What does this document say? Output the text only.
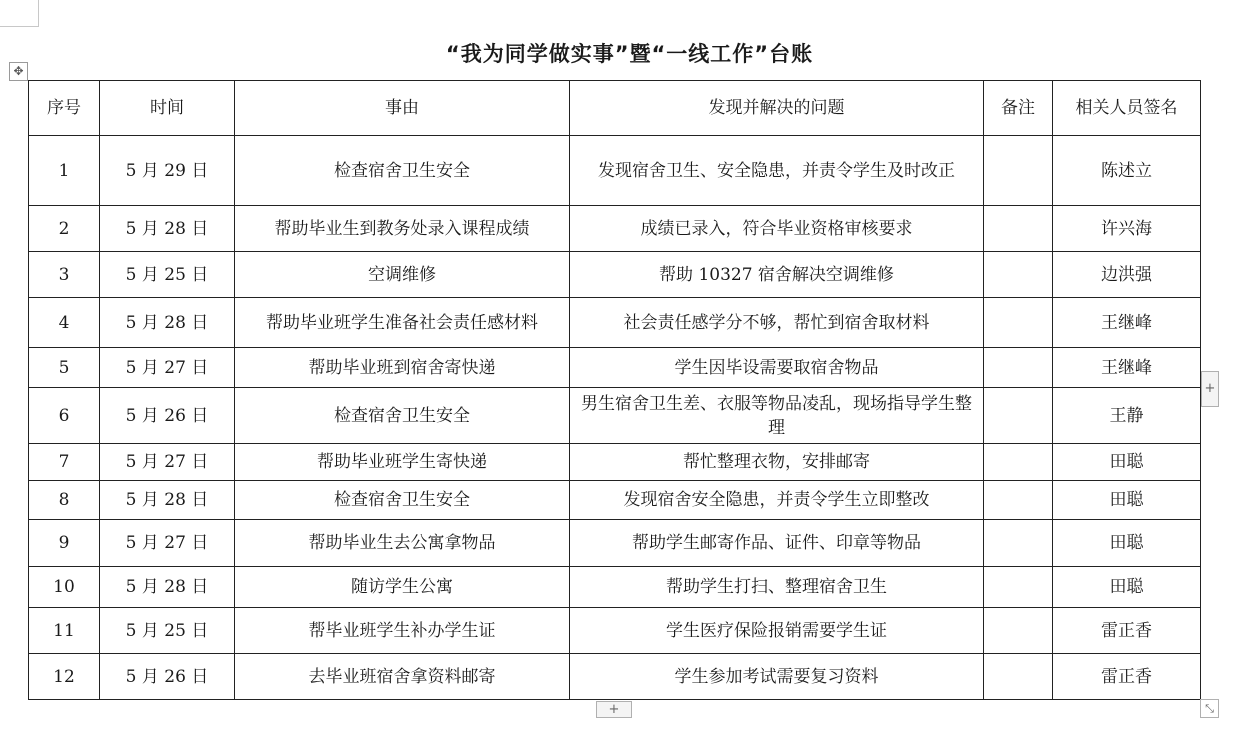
✥
“我为同学做实事”暨“一线工作”台账
序号	时间	事由	发现并解决的问题	备注	相关人员签名
1	5 月 29 日	检查宿舍卫生安全	发现宿舍卫生、安全隐患，并责令学生及时改正		陈述立
2	5 月 28 日	帮助毕业生到教务处录入课程成绩	成绩已录入，符合毕业资格审核要求		许兴海
3	5 月 25 日	空调维修	帮助 10327 宿舍解决空调维修		边洪强
4	5 月 28 日	帮助毕业班学生准备社会责任感材料	社会责任感学分不够，帮忙到宿舍取材料		王继峰
5	5 月 27 日	帮助毕业班到宿舍寄快递	学生因毕设需要取宿舍物品		王继峰
6	5 月 26 日	检查宿舍卫生安全	男生宿舍卫生差、衣服等物品凌乱，现场指导学生整理		王静
7	5 月 27 日	帮助毕业班学生寄快递	帮忙整理衣物，安排邮寄		田聪
8	5 月 28 日	检查宿舍卫生安全	发现宿舍安全隐患，并责令学生立即整改		田聪
9	5 月 27 日	帮助毕业生去公寓拿物品	帮助学生邮寄作品、证件、印章等物品		田聪
10	5 月 28 日	随访学生公寓	帮助学生打扫、整理宿舍卫生		田聪
11	5 月 25 日	帮毕业班学生补办学生证	学生医疗保险报销需要学生证		雷正香
12	5 月 26 日	去毕业班宿舍拿资料邮寄	学生参加考试需要复习资料		雷正香
+
+	⤡
